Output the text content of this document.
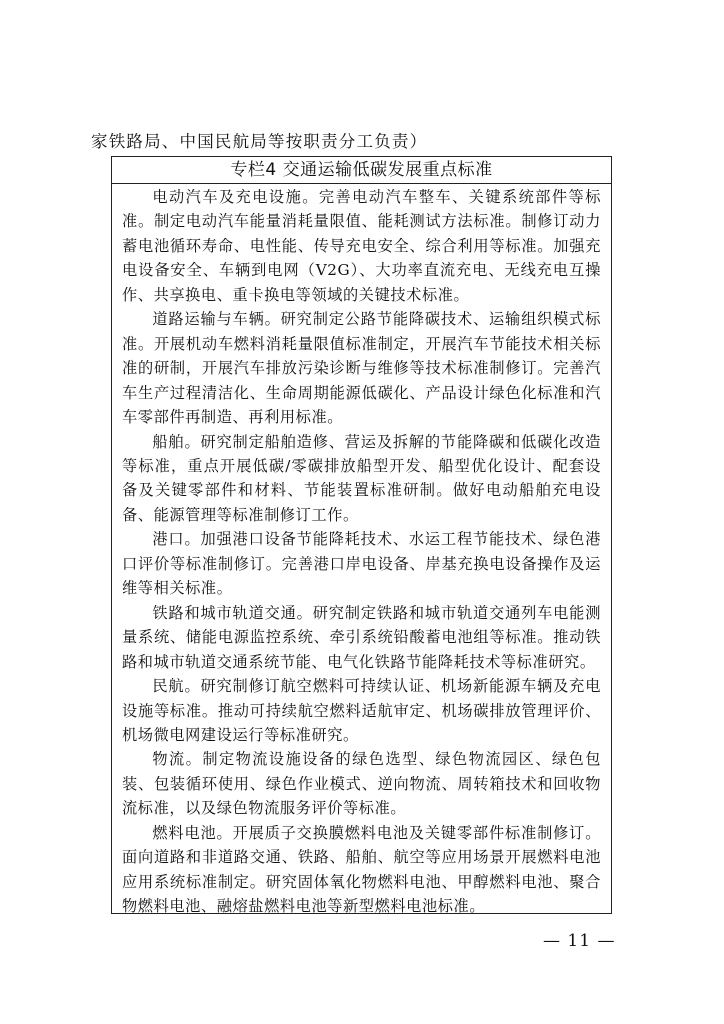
家铁路局、中国民航局等按职责分工负责）
专栏4 交通运输低碳发展重点标准

电动汽车及充电设施。完善电动汽车整车、关键系统部件等标准。制定电动汽车能量消耗量限值、能耗测试方法标准。制修订动力蓄电池循环寿命、电性能、传导充电安全、综合利用等标准。加强充电设备安全、车辆到电网（V2G）、大功率直流充电、无线充电互操作、共享换电、重卡换电等领域的关键技术标准。

道路运输与车辆。研究制定公路节能降碳技术、运输组织模式标准。开展机动车燃料消耗量限值标准制定，开展汽车节能技术相关标准的研制，开展汽车排放污染诊断与维修等技术标准制修订。完善汽车生产过程清洁化、生命周期能源低碳化、产品设计绿色化标准和汽车零部件再制造、再利用标准。

船舶。研究制定船舶造修、营运及拆解的节能降碳和低碳化改造等标准，重点开展低碳/零碳排放船型开发、船型优化设计、配套设备及关键零部件和材料、节能装置标准研制。做好电动船舶充电设备、能源管理等标准制修订工作。

港口。加强港口设备节能降耗技术、水运工程节能技术、绿色港口评价等标准制修订。完善港口岸电设备、岸基充换电设备操作及运维等相关标准。

铁路和城市轨道交通。研究制定铁路和城市轨道交通列车电能测量系统、储能电源监控系统、牵引系统铅酸蓄电池组等标准。推动铁路和城市轨道交通系统节能、电气化铁路节能降耗技术等标准研究。

民航。研究制修订航空燃料可持续认证、机场新能源车辆及充电设施等标准。推动可持续航空燃料适航审定、机场碳排放管理评价、机场微电网建设运行等标准研究。

物流。制定物流设施设备的绿色选型、绿色物流园区、绿色包装、包装循环使用、绿色作业模式、逆向物流、周转箱技术和回收物流标准，以及绿色物流服务评价等标准。

燃料电池。开展质子交换膜燃料电池及关键零部件标准制修订。面向道路和非道路交通、铁路、船舶、航空等应用场景开展燃料电池应用系统标准制定。研究固体氧化物燃料电池、甲醇燃料电池、聚合物燃料电池、融熔盐燃料电池等新型燃料电池标准。

— 11 —
